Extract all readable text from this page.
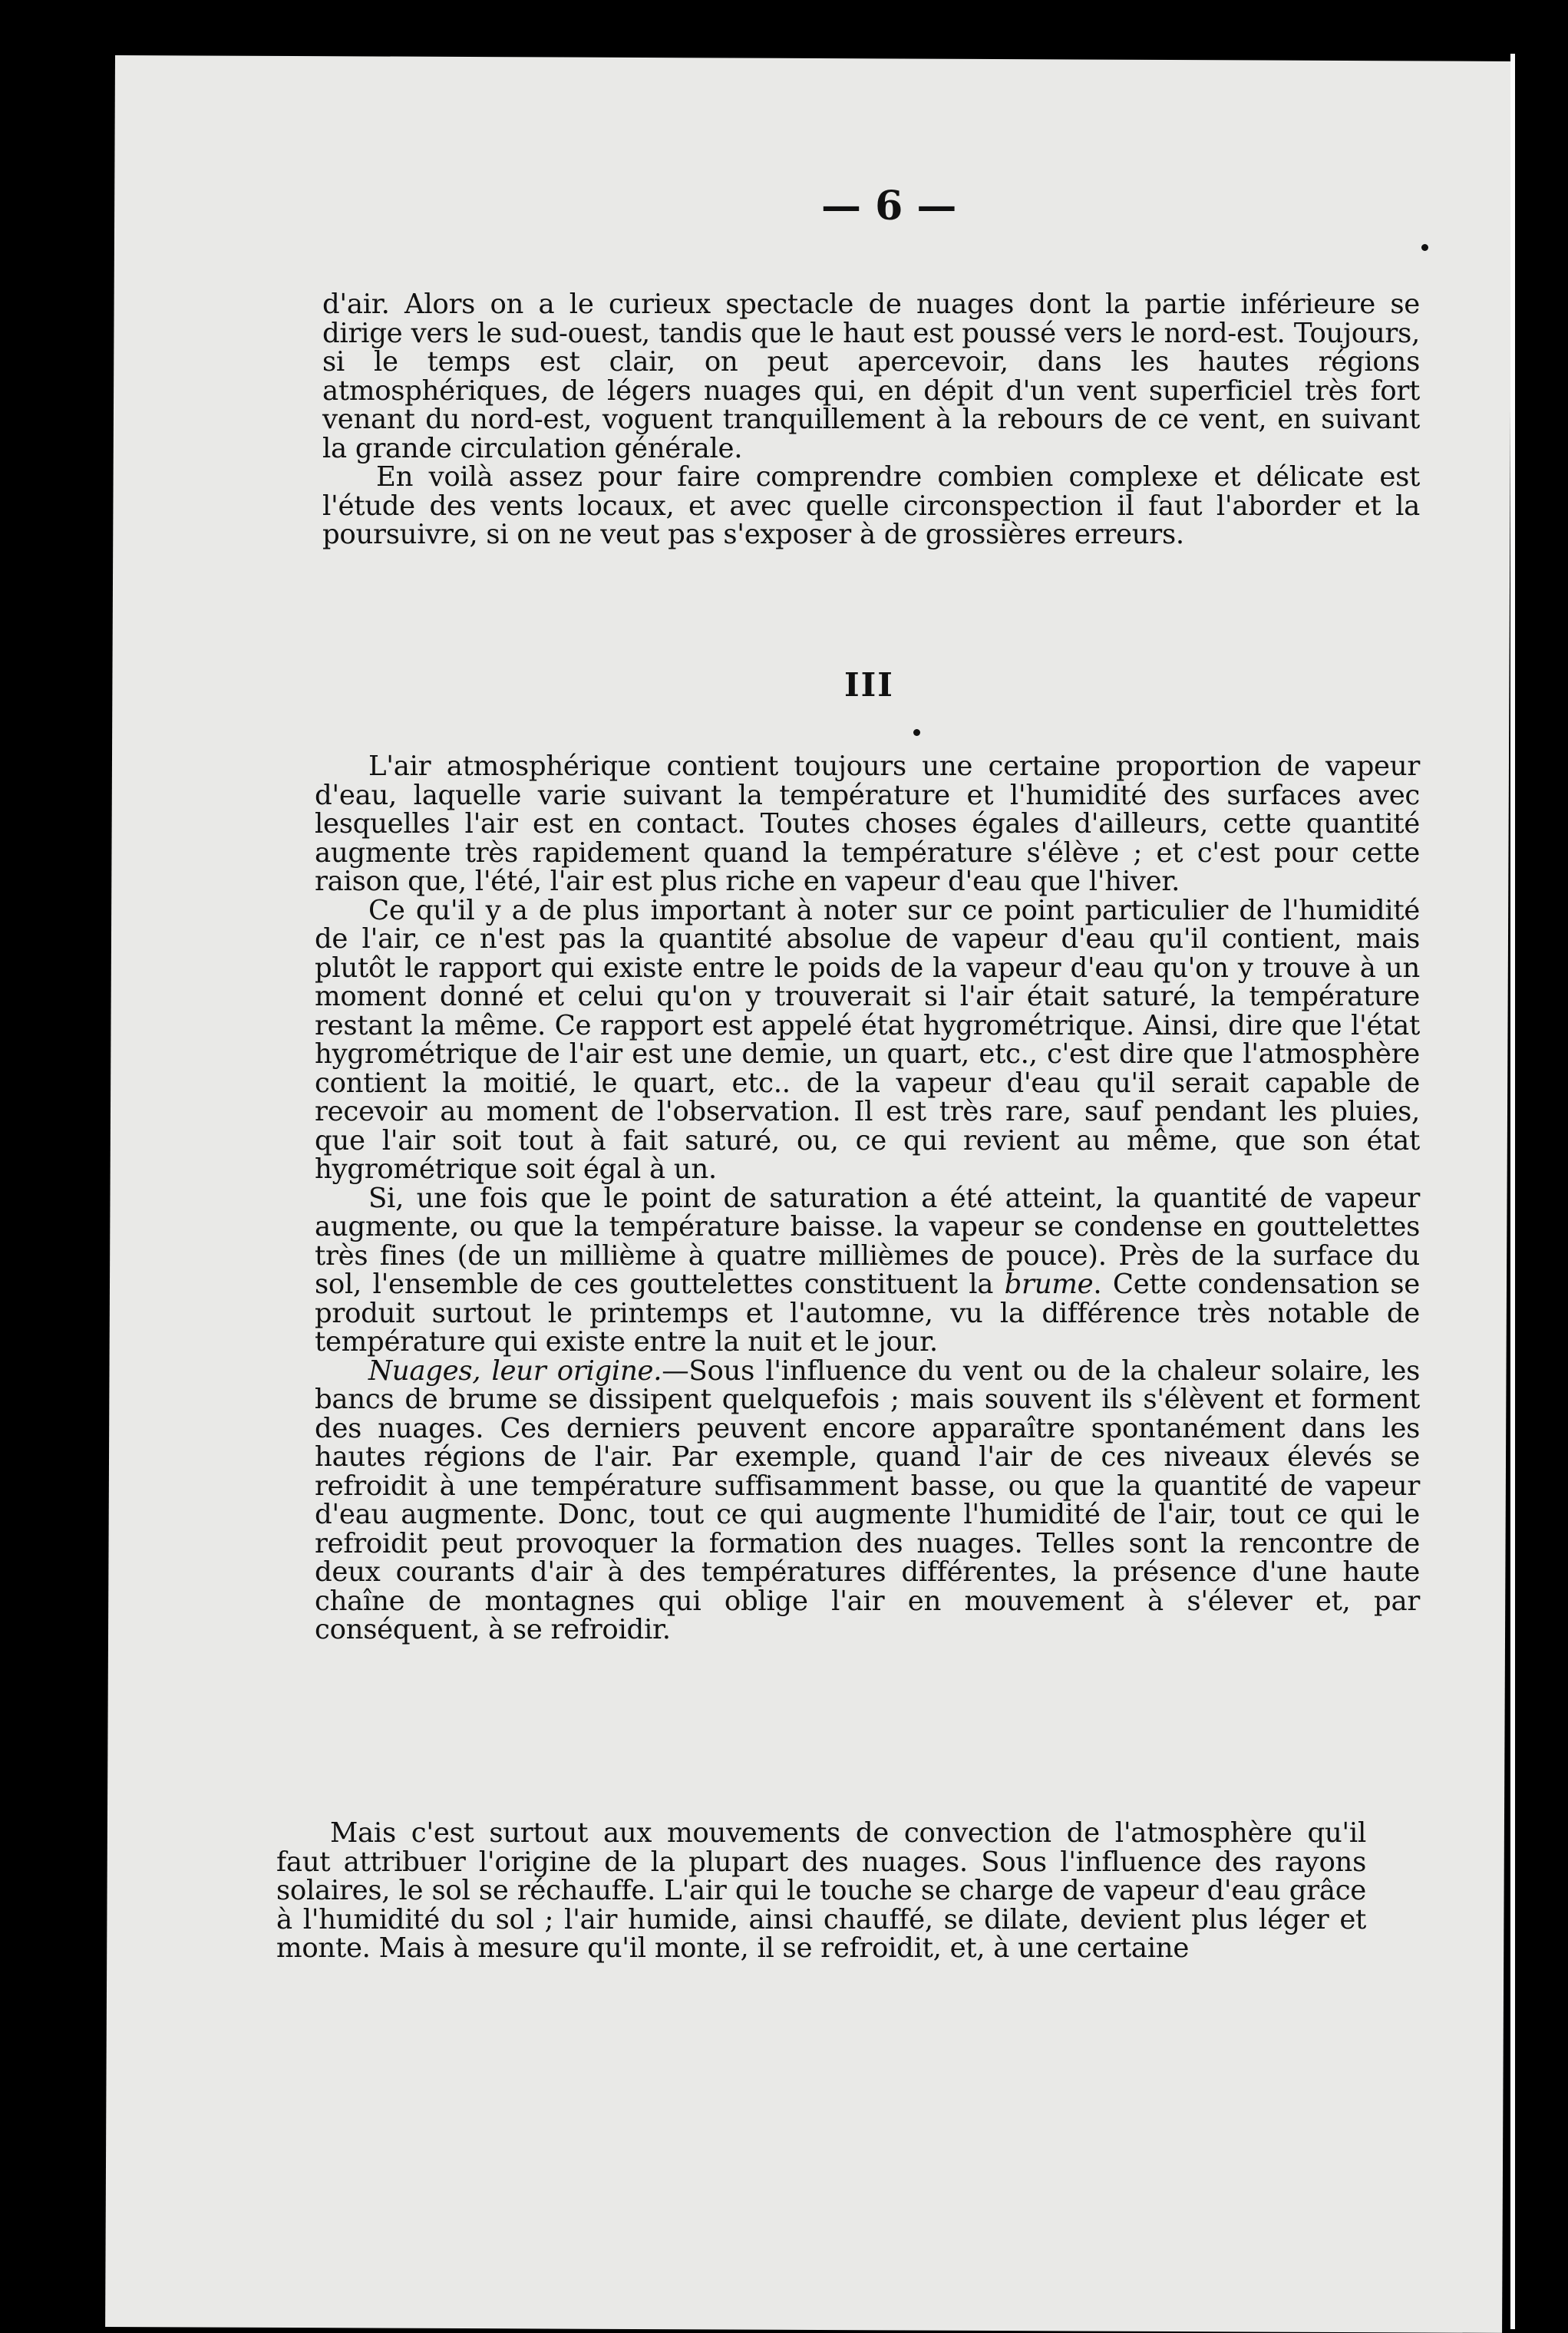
— 6 —

d'air. Alors on a le curieux spectacle de nuages dont la partie inférieure se dirige vers le sud-ouest, tandis que le haut est poussé vers le nord-est. Toujours, si le temps est clair, on peut apercevoir, dans les hautes régions atmosphériques, de légers nuages qui, en dépit d'un vent superficiel très fort venant du nord-est, voguent tranquillement à la rebours de ce vent, en suivant la grande circulation générale.

En voilà assez pour faire comprendre combien complexe et délicate est l'étude des vents locaux, et avec quelle circonspection il faut l'aborder et la poursuivre, si on ne veut pas s'exposer à de grossières erreurs.

III

L'air atmosphérique contient toujours une certaine proportion de vapeur d'eau, laquelle varie suivant la température et l'humidité des surfaces avec lesquelles l'air est en contact. Toutes choses égales d'ailleurs, cette quantité augmente très rapidement quand la température s'élève ; et c'est pour cette raison que, l'été, l'air est plus riche en vapeur d'eau que l'hiver.

Ce qu'il y a de plus important à noter sur ce point particulier de l'humidité de l'air, ce n'est pas la quantité absolue de vapeur d'eau qu'il contient, mais plutôt le rapport qui existe entre le poids de la vapeur d'eau qu'on y trouve à un moment donné et celui qu'on y trouverait si l'air était saturé, la température restant la même. Ce rapport est appelé état hygrométrique. Ainsi, dire que l'état hygrométrique de l'air est une demie, un quart, etc., c'est dire que l'atmosphère contient la moitié, le quart, etc.. de la vapeur d'eau qu'il serait capable de recevoir au moment de l'observation. Il est très rare, sauf pendant les pluies, que l'air soit tout à fait saturé, ou, ce qui revient au même, que son état hygrométrique soit égal à un.

Si, une fois que le point de saturation a été atteint, la quantité de vapeur augmente, ou que la température baisse. la vapeur se condense en gouttelettes très fines (de un millième à quatre millièmes de pouce). Près de la surface du sol, l'ensemble de ces gouttelettes constituent la brume. Cette condensation se produit surtout le printemps et l'automne, vu la différence très notable de température qui existe entre la nuit et le jour.

Nuages, leur origine.—Sous l'influence du vent ou de la chaleur solaire, les bancs de brume se dissipent quelquefois ; mais souvent ils s'élèvent et forment des nuages. Ces derniers peuvent encore apparaître spontanément dans les hautes régions de l'air. Par exemple, quand l'air de ces niveaux élevés se refroidit à une température suffisamment basse, ou que la quantité de vapeur d'eau augmente. Donc, tout ce qui augmente l'humidité de l'air, tout ce qui le refroidit peut provoquer la formation des nuages. Telles sont la rencontre de deux courants d'air à des températures différentes, la présence d'une haute chaîne de montagnes qui oblige l'air en mouvement à s'élever et, par conséquent, à se refroidir.

Mais c'est surtout aux mouvements de convection de l'atmosphère qu'il faut attribuer l'origine de la plupart des nuages. Sous l'influence des rayons solaires, le sol se réchauffe. L'air qui le touche se charge de vapeur d'eau grâce à l'humidité du sol ; l'air humide, ainsi chauffé, se dilate, devient plus léger et monte. Mais à mesure qu'il monte, il se refroidit, et, à une certaine
